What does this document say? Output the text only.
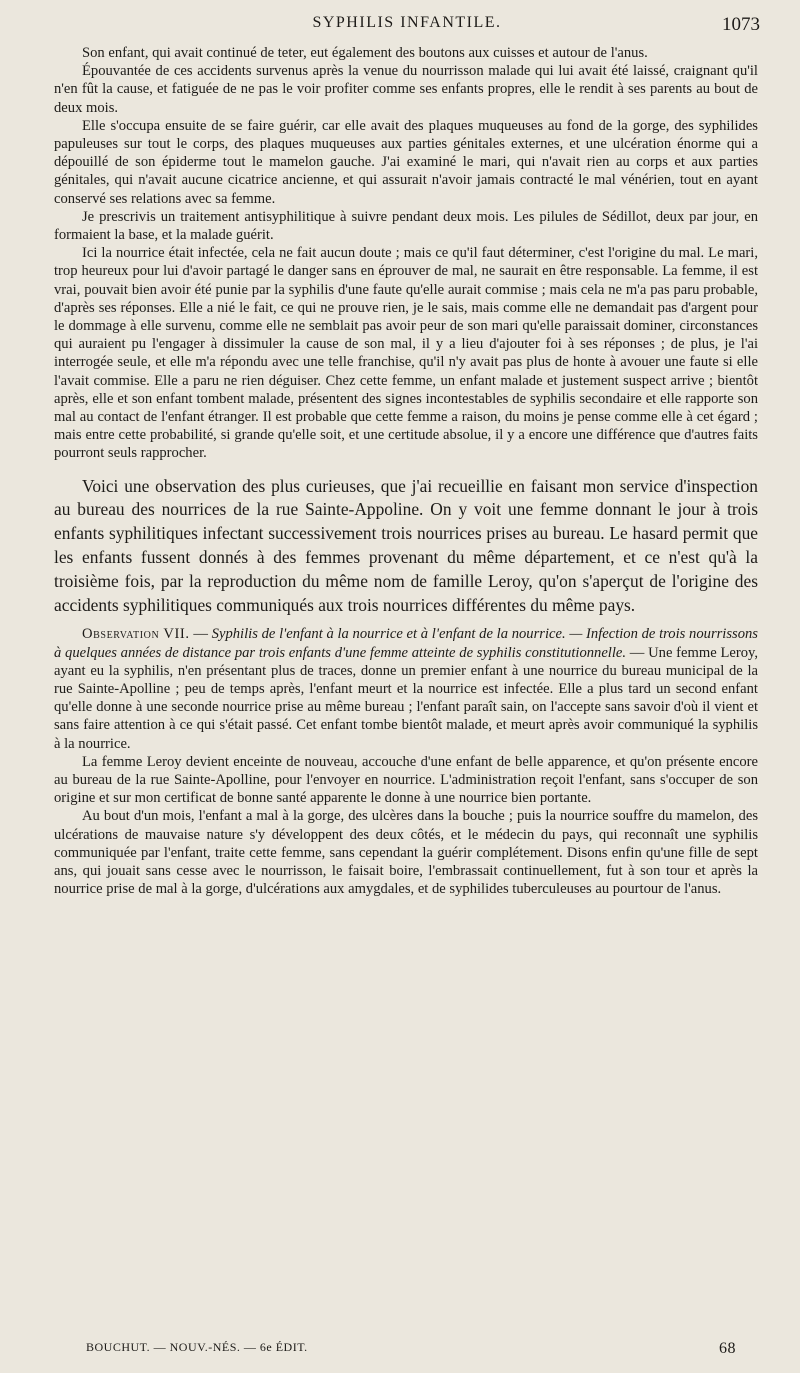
SYPHILIS INFANTILE.	1073

Son enfant, qui avait continué de teter, eut également des boutons aux cuisses et autour de l'anus.

Épouvantée de ces accidents survenus après la venue du nourrisson malade qui lui avait été laissé, craignant qu'il n'en fût la cause, et fatiguée de ne pas le voir profiter comme ses enfants propres, elle le rendit à ses parents au bout de deux mois.

Elle s'occupa ensuite de se faire guérir, car elle avait des plaques muqueuses au fond de la gorge, des syphilides papuleuses sur tout le corps, des plaques muqueuses aux parties génitales externes, et une ulcération énorme qui a dépouillé de son épiderme tout le mamelon gauche. J'ai examiné le mari, qui n'avait rien au corps et aux parties génitales, qui n'avait aucune cicatrice ancienne, et qui assurait n'avoir jamais contracté le mal vénérien, tout en ayant conservé ses relations avec sa femme.

Je prescrivis un traitement antisyphilitique à suivre pendant deux mois. Les pilules de Sédillot, deux par jour, en formaient la base, et la malade guérit.

Ici la nourrice était infectée, cela ne fait aucun doute ; mais ce qu'il faut déterminer, c'est l'origine du mal. Le mari, trop heureux pour lui d'avoir partagé le danger sans en éprouver de mal, ne saurait en être responsable. La femme, il est vrai, pouvait bien avoir été punie par la syphilis d'une faute qu'elle aurait commise ; mais cela ne m'a pas paru probable, d'après ses réponses. Elle a nié le fait, ce qui ne prouve rien, je le sais, mais comme elle ne demandait pas d'argent pour le dommage à elle survenu, comme elle ne semblait pas avoir peur de son mari qu'elle paraissait dominer, circonstances qui auraient pu l'engager à dissimuler la cause de son mal, il y a lieu d'ajouter foi à ses réponses ; de plus, je l'ai interrogée seule, et elle m'a répondu avec une telle franchise, qu'il n'y avait pas plus de honte à avouer une faute si elle l'avait commise. Elle a paru ne rien déguiser. Chez cette femme, un enfant malade et justement suspect arrive ; bientôt après, elle et son enfant tombent malade, présentent des signes incontestables de syphilis secondaire et elle rapporte son mal au contact de l'enfant étranger. Il est probable que cette femme a raison, du moins je pense comme elle à cet égard ; mais entre cette probabilité, si grande qu'elle soit, et une certitude absolue, il y a encore une différence que d'autres faits pourront seuls rapprocher.

Voici une observation des plus curieuses, que j'ai recueillie en faisant mon service d'inspection au bureau des nourrices de la rue Sainte-Appoline. On y voit une femme donnant le jour à trois enfants syphilitiques infectant successivement trois nourrices prises au bureau. Le hasard permit que les enfants fussent donnés à des femmes provenant du même département, et ce n'est qu'à la troisième fois, par la reproduction du même nom de famille Leroy, qu'on s'aperçut de l'origine des accidents syphilitiques communiqués aux trois nourrices différentes du même pays.

Observation VII. — Syphilis de l'enfant à la nourrice et à l'enfant de la nourrice. — Infection de trois nourrissons à quelques années de distance par trois enfants d'une femme atteinte de syphilis constitutionnelle. — Une femme Leroy, ayant eu la syphilis, n'en présentant plus de traces, donne un premier enfant à une nourrice du bureau municipal de la rue Sainte-Apolline ; peu de temps après, l'enfant meurt et la nourrice est infectée. Elle a plus tard un second enfant qu'elle donne à une seconde nourrice prise au même bureau ; l'enfant paraît sain, on l'accepte sans savoir d'où il vient et sans faire attention à ce qui s'était passé. Cet enfant tombe bientôt malade, et meurt après avoir communiqué la syphilis à la nourrice.

La femme Leroy devient enceinte de nouveau, accouche d'une enfant de belle apparence, et qu'on présente encore au bureau de la rue Sainte-Apolline, pour l'envoyer en nourrice. L'administration reçoit l'enfant, sans s'occuper de son origine et sur mon certificat de bonne santé apparente le donne à une nourrice bien portante.

Au bout d'un mois, l'enfant a mal à la gorge, des ulcères dans la bouche ; puis la nourrice souffre du mamelon, des ulcérations de mauvaise nature s'y développent des deux côtés, et le médecin du pays, qui reconnaît une syphilis communiquée par l'enfant, traite cette femme, sans cependant la guérir complétement. Disons enfin qu'une fille de sept ans, qui jouait sans cesse avec le nourrisson, le faisait boire, l'embrassait continuellement, fut à son tour et après la nourrice prise de mal à la gorge, d'ulcérations aux amygdales, et de syphilides tuberculeuses au pourtour de l'anus.

BOUCHUT. — NOUV.-NÉS. — 6e ÉDIT.	68
